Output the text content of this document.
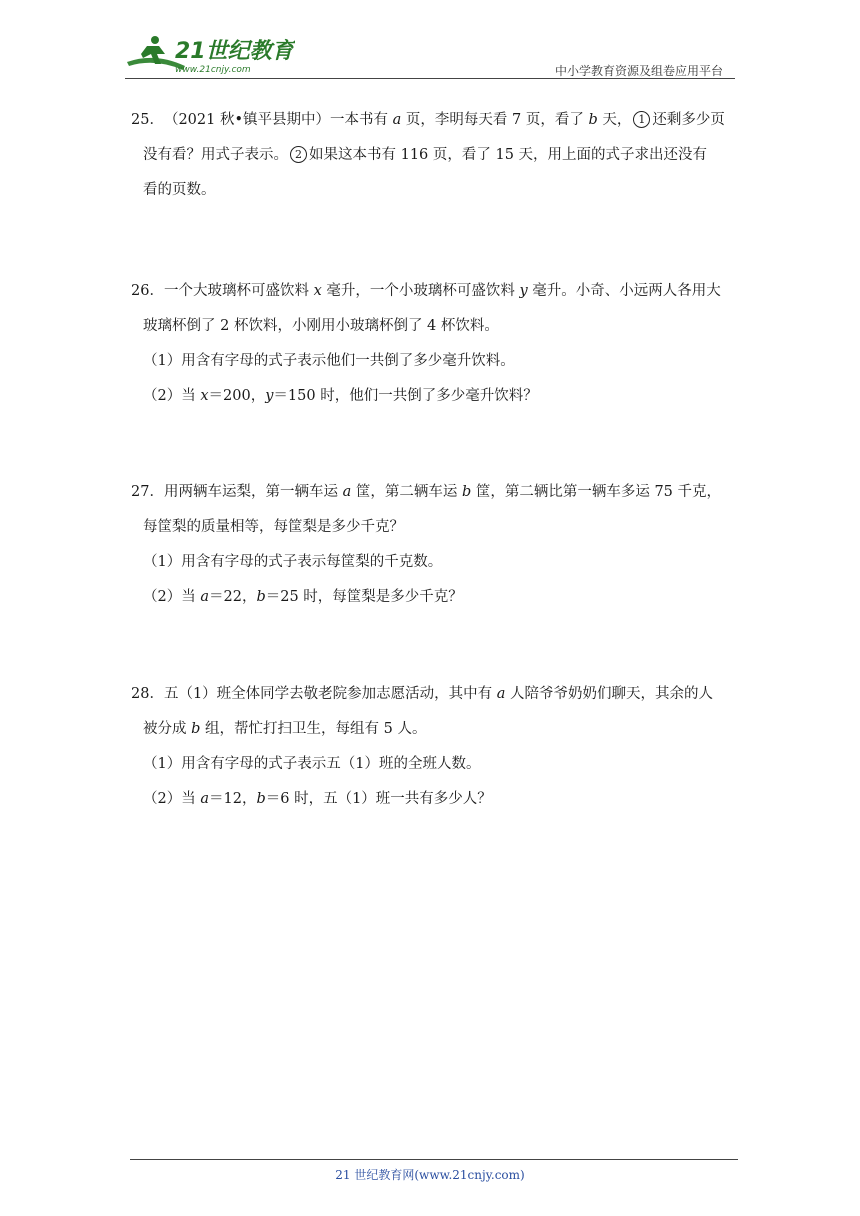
21世纪教育
www.21cnjy.com	中小学教育资源及组卷应用平台

25．（2021 秋•镇平县期中）一本书有 a 页，李明每天看 7 页，看了 b 天， 1 还剩多少页

没有看？用式子表示。 2 如果这本书有 116 页，看了 15 天，用上面的式子求出还没有

看的页数。

26．一个大玻璃杯可盛饮料 x 毫升，一个小玻璃杯可盛饮料 y 毫升。小奇、小远两人各用大

玻璃杯倒了 2 杯饮料，小刚用小玻璃杯倒了 4 杯饮料。

（1）用含有字母的式子表示他们一共倒了多少毫升饮料。

（2）当 x＝200，y＝150 时，他们一共倒了多少毫升饮料？

27．用两辆车运梨，第一辆车运 a 筐，第二辆车运 b 筐，第二辆比第一辆车多运 75 千克，

每筐梨的质量相等，每筐梨是多少千克？

（1）用含有字母的式子表示每筐梨的千克数。

（2）当 a＝22，b＝25 时，每筐梨是多少千克？

28．五（1）班全体同学去敬老院参加志愿活动，其中有 a 人陪爷爷奶奶们聊天，其余的人

被分成 b 组，帮忙打扫卫生，每组有 5 人。

（1）用含有字母的式子表示五（1）班的全班人数。

（2）当 a＝12，b＝6 时，五（1）班一共有多少人？

21 世纪教育网(www.21cnjy.com)
